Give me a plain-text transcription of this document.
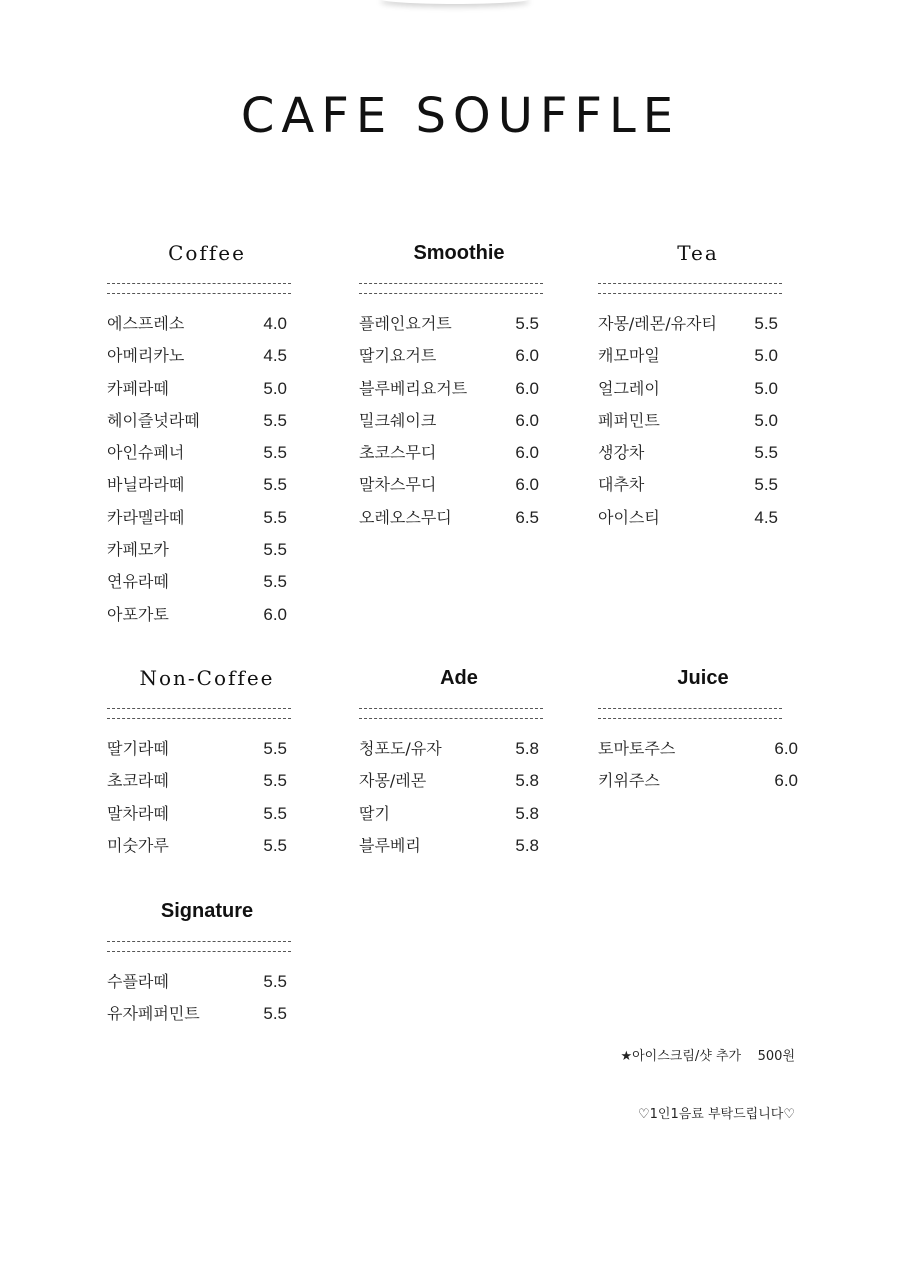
CAFE SOUFFLE
Coffee
에스프레소	4.0
아메리카노	4.5
카페라떼	5.0
헤이즐넛라떼	5.5
아인슈페너	5.5
바닐라라떼	5.5
카라멜라떼	5.5
카페모카	5.5
연유라떼	5.5
아포가토	6.0
Smoothie
플레인요거트	5.5
딸기요거트	6.0
블루베리요거트	6.0
밀크쉐이크	6.0
초코스무디	6.0
말차스무디	6.0
오레오스무디	6.5
Tea
자몽/레몬/유자티 5.5
캐모마일	5.0
얼그레이	5.0
페퍼민트	5.0
생강차	5.5
대추차	5.5
아이스티	4.5
Non-Coffee
딸기라떼	5.5
초코라떼	5.5
말차라떼	5.5
미숫가루	5.5
Ade
청포도/유자	5.8
자몽/레몬	5.8
딸기	5.8
블루베리	5.8
Juice
토마토주스	6.0
키위주스	6.0
Signature
수플라떼	5.5
유자페퍼민트	5.5
★아이스크림/샷 추가    500원
♡1인1음료 부탁드립니다♡
